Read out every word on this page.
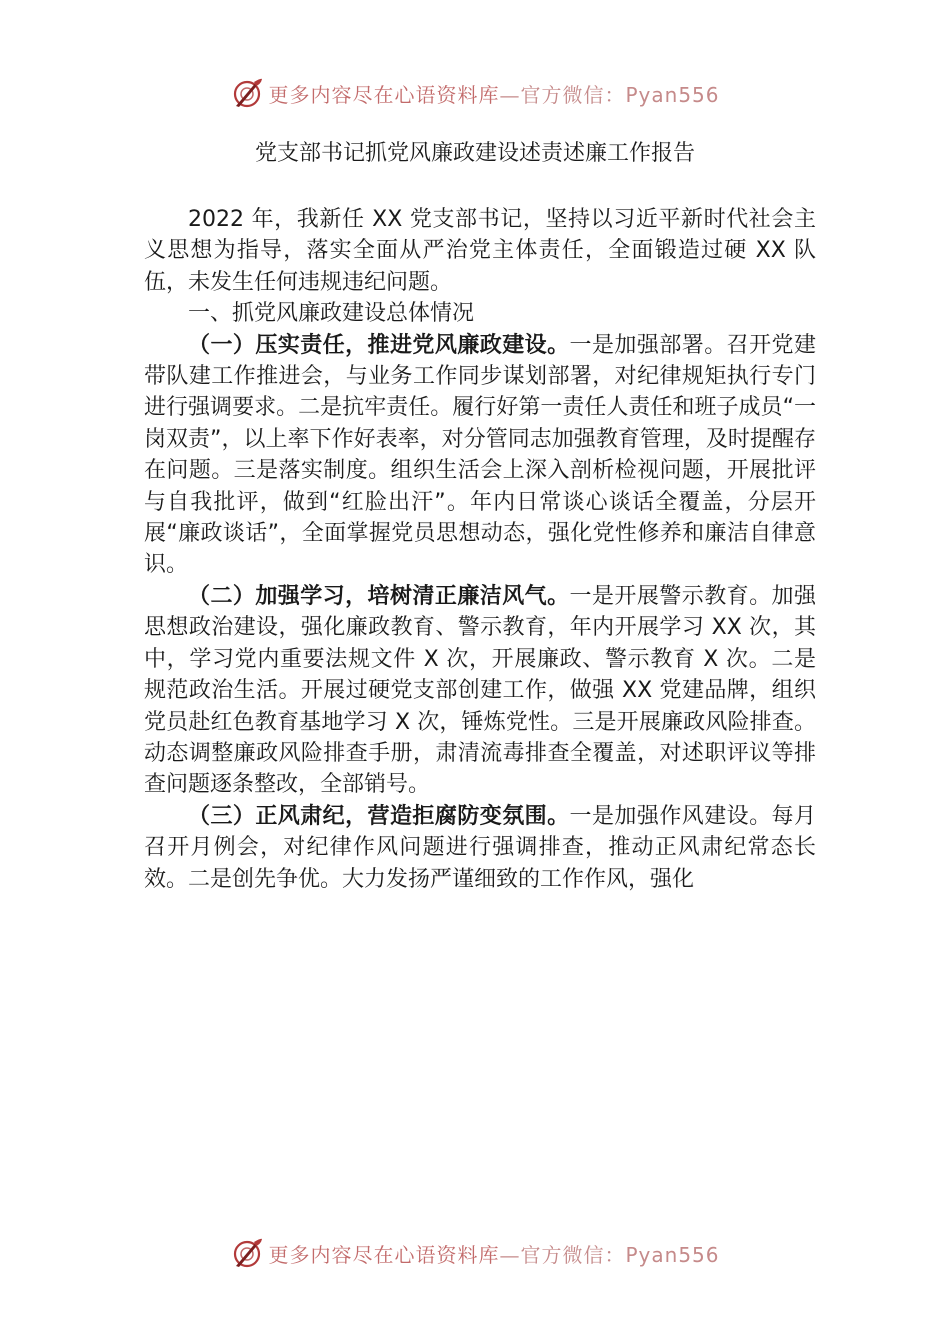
更多内容尽在心语资料库—官方微信：Pyan556
党支部书记抓党风廉政建设述责述廉工作报告

2022 年，我新任 XX 党支部书记，坚持以习近平新时代社会主义思想为指导，落实全面从严治党主体责任，全面锻造过硬 XX 队伍，未发生任何违规违纪问题。

一、抓党风廉政建设总体情况

（一）压实责任，推进党风廉政建设。一是加强部署。召开党建带队建工作推进会，与业务工作同步谋划部署，对纪律规矩执行专门进行强调要求。二是抗牢责任。履行好第一责任人责任和班子成员“一岗双责”，以上率下作好表率，对分管同志加强教育管理，及时提醒存在问题。三是落实制度。组织生活会上深入剖析检视问题，开展批评与自我批评，做到“红脸出汗”。年内日常谈心谈话全覆盖，分层开展“廉政谈话”，全面掌握党员思想动态，强化党性修养和廉洁自律意识。

（二）加强学习，培树清正廉洁风气。一是开展警示教育。加强思想政治建设，强化廉政教育、警示教育，年内开展学习 XX 次，其中，学习党内重要法规文件 X 次，开展廉政、警示教育 X 次。二是规范政治生活。开展过硬党支部创建工作，做强 XX 党建品牌，组织党员赴红色教育基地学习 X 次，锤炼党性。三是开展廉政风险排查。动态调整廉政风险排查手册，肃清流毒排查全覆盖，对述职评议等排查问题逐条整改，全部销号。

（三）正风肃纪，营造拒腐防变氛围。一是加强作风建设。每月召开月例会，对纪律作风问题进行强调排查，推动正风肃纪常态长效。二是创先争优。大力发扬严谨细致的工作作风，强化

更多内容尽在心语资料库—官方微信：Pyan556
